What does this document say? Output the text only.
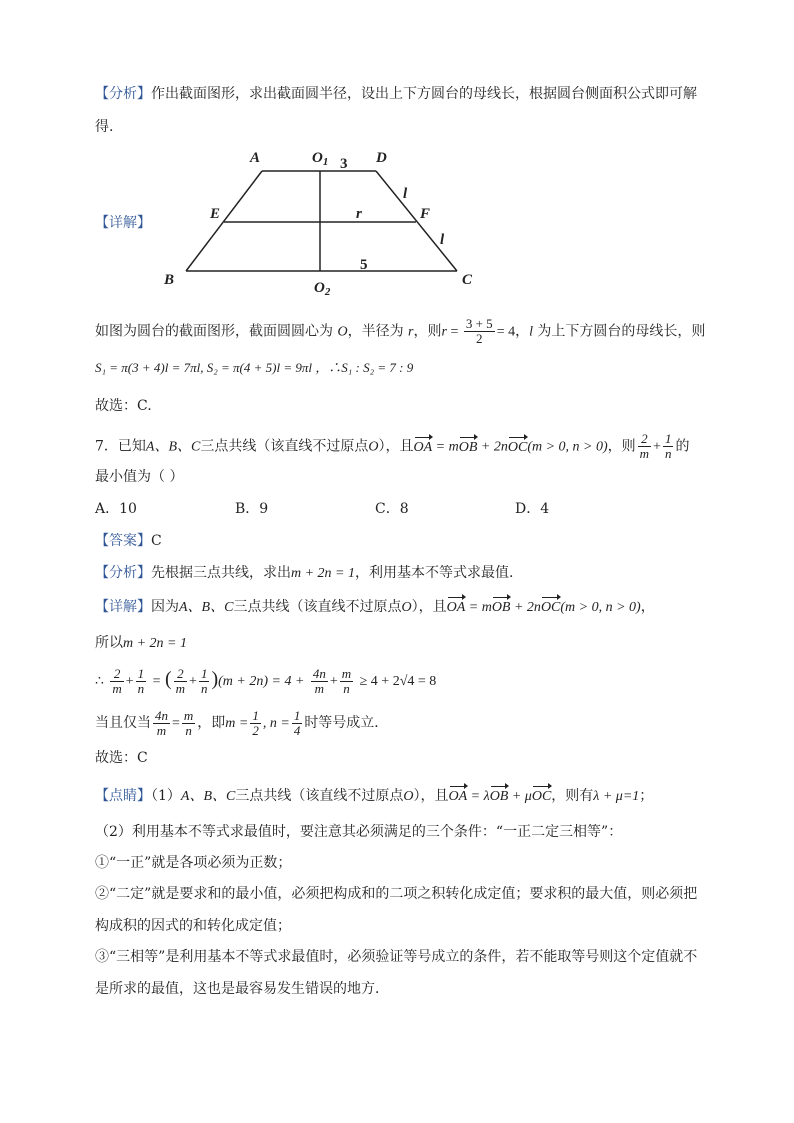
【分析】作出截面图形，求出截面圆半径，设出上下方圆台的母线长，根据圆台侧面积公式即可解
得.
A	$O_1$ 3 D
l
E	r	F
l
B
5
$O_2$
C
【详解】
如图为圆台的截面图形，截面圆圆心为 O，半径为 r，则$r = \frac{3 + 5}{2} = 4$，l 为上下方圆台的母线长，则
S₁ = π(3 + 4)l = 7πl, S₂ = π(4 + 5)l = 9πl ，∴S₁ : S₂ = 7 : 9
故选：C.
7．已知A、B、C三点共线（该直线不过原点O），且OA = mOB + 2nOC(m > 0, n > 0)，则 $\frac{2}{m} + \frac{1}{n}$ 的
最小值为（ ）
A．10	B．9	C．8	D．4
【答案】C
【分析】先根据三点共线，求出m + 2n = 1，利用基本不等式求最值.
【详解】因为A、B、C三点共线（该直线不过原点O），且OA = mOB + 2nOC(m > 0, n > 0)，
所以m + 2n = 1
∴ $\frac{2}{m} + \frac{1}{n}$ = ( $\frac{2}{m} + \frac{1}{n} )(m + 2n) = 4 + \frac{4n}{m} + \frac{m}{n} \ge 4 + 2√4 = 8$
当且仅当 $\frac{4n}{m} = \frac{m}{n}$ ，即$m = \frac{1}{2}$ , $n = \frac{1}{4}$ 时等号成立．
故选：C
【点睛】（1）A、B、C三点共线（该直线不过原点O），且OA = λOB + μOC，则有λ + μ=1；
（2）利用基本不等式求最值时，要注意其必须满足的三个条件：“一正二定三相等”：
①“一正”就是各项必须为正数；
②“二定”就是要求和的最小值，必须把构成和的二项之积转化成定值；要求积的最大值，则必须把
构成积的因式的和转化成定值；
③“三相等”是利用基本不等式求最值时，必须验证等号成立的条件，若不能取等号则这个定值就不
是所求的最值，这也是最容易发生错误的地方．
